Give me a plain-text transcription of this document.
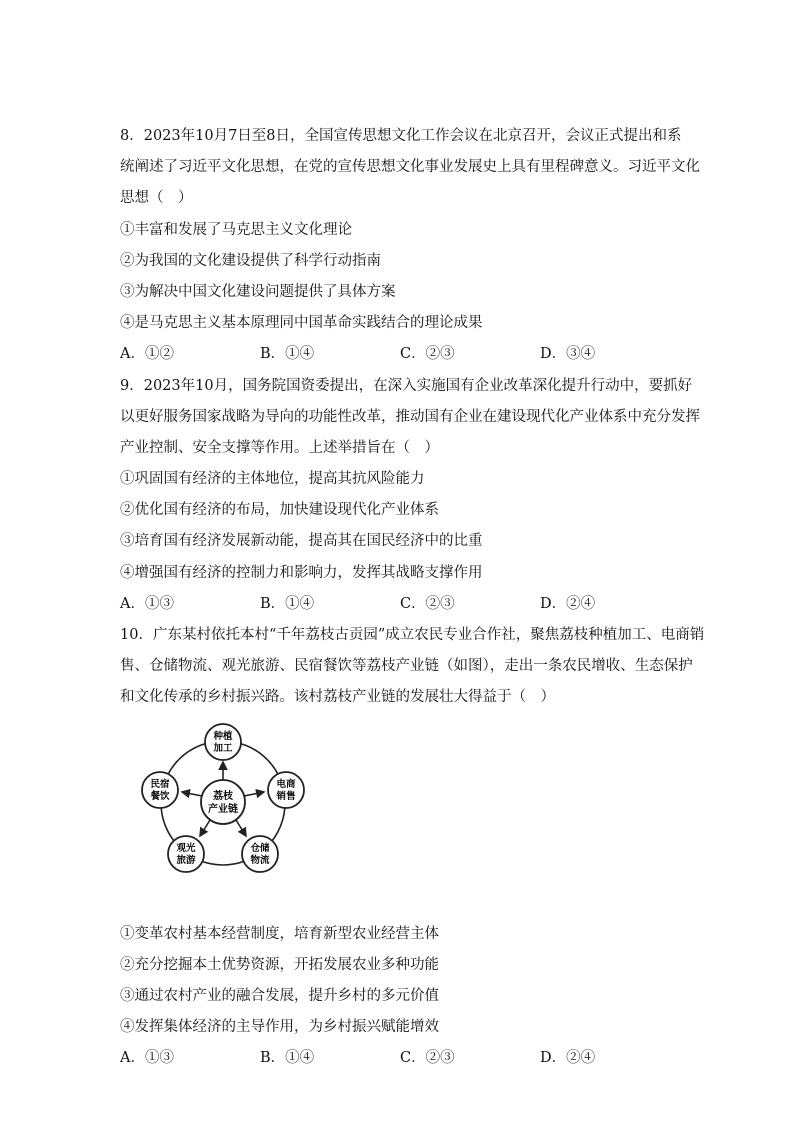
8．2023年10月7日至8日，全国宣传思想文化工作会议在北京召开，会议正式提出和系
统阐述了习近平文化思想，在党的宣传思想文化事业发展史上具有里程碑意义。习近平文化
思想（　）
①丰富和发展了马克思主义文化理论
②为我国的文化建设提供了科学行动指南
③为解决中国文化建设问题提供了具体方案
④是马克思主义基本原理同中国革命实践结合的理论成果
A．①②	B．①④	C．②③	D．③④
9．2023年10月，国务院国资委提出，在深入实施国有企业改革深化提升行动中，要抓好
以更好服务国家战略为导向的功能性改革，推动国有企业在建设现代化产业体系中充分发挥
产业控制、安全支撑等作用。上述举措旨在（　）
①巩固国有经济的主体地位，提高其抗风险能力
②优化国有经济的布局，加快建设现代化产业体系
③培育国有经济发展新动能，提高其在国民经济中的比重
④增强国有经济的控制力和影响力，发挥其战略支撑作用
A．①③	B．①④	C．②③	D．②④
10．广东某村依托本村“千年荔枝古贡园”成立农民专业合作社，聚焦荔枝种植加工、电商销
售、仓储物流、观光旅游、民宿餐饮等荔枝产业链（如图），走出一条农民增收、生态保护
和文化传承的乡村振兴路。该村荔枝产业链的发展壮大得益于（　）
荔枝
产业链
种植
加工
电商
销售
仓储
物流
观光
旅游
民宿
餐饮
①变革农村基本经营制度，培育新型农业经营主体
②充分挖掘本土优势资源，开拓发展农业多种功能
③通过农村产业的融合发展，提升乡村的多元价值
④发挥集体经济的主导作用，为乡村振兴赋能增效
A．①③	B．①④	C．②③	D．②④
